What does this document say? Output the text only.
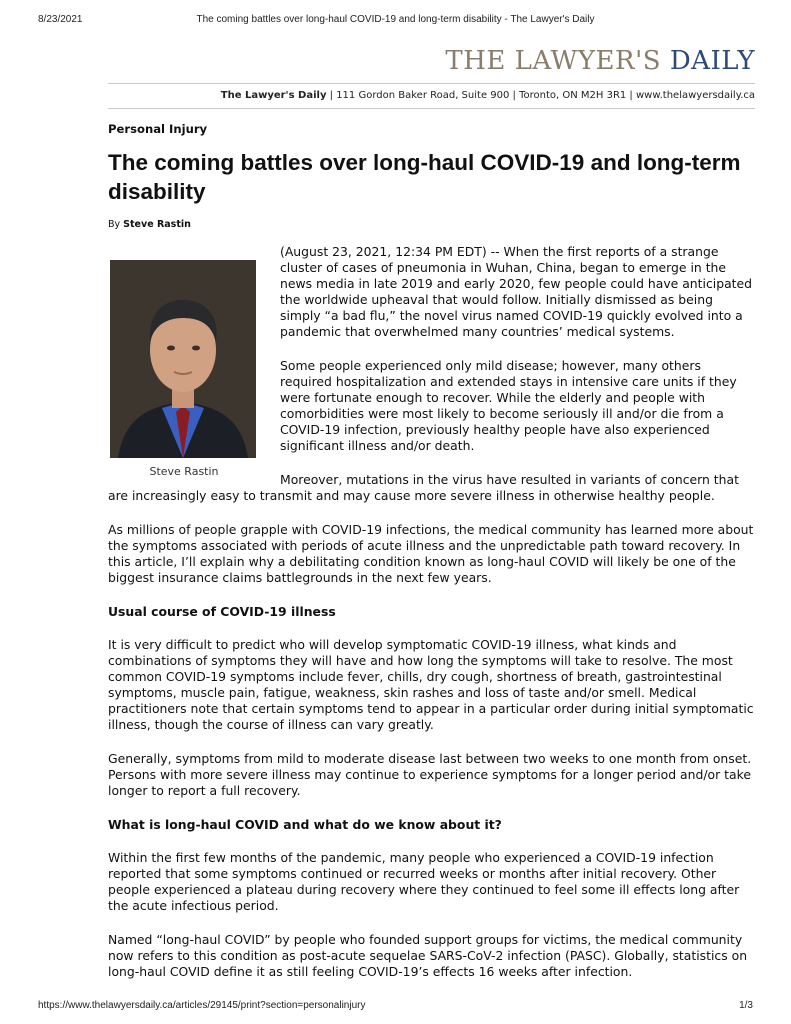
8/23/2021	The coming battles over long-haul COVID-19 and long-term disability - The Lawyer's Daily
THE LAWYER'S DAILY
The Lawyer's Daily | 111 Gordon Baker Road, Suite 900 | Toronto, ON M2H 3R1 | www.thelawyersdaily.ca
Personal Injury
The coming battles over long-haul COVID-19 and long-term disability
By Steve Rastin
Steve Rastin

(August 23, 2021, 12:34 PM EDT) -- When the first reports of a strange cluster of cases of pneumonia in Wuhan, China, began to emerge in the news media in late 2019 and early 2020, few people could have anticipated the worldwide upheaval that would follow. Initially dismissed as being simply “a bad flu,” the novel virus named COVID-19 quickly evolved into a pandemic that overwhelmed many countries’ medical systems.

Some people experienced only mild disease; however, many others required hospitalization and extended stays in intensive care units if they were fortunate enough to recover. While the elderly and people with comorbidities were most likely to become seriously ill and/or die from a COVID-19 infection, previously healthy people have also experienced significant illness and/or death.

Moreover, mutations in the virus have resulted in variants of concern that are increasingly easy to transmit and may cause more severe illness in otherwise healthy people.

As millions of people grapple with COVID-19 infections, the medical community has learned more about the symptoms associated with periods of acute illness and the unpredictable path toward recovery. In this article, I’ll explain why a debilitating condition known as long-haul COVID will likely be one of the biggest insurance claims battlegrounds in the next few years.

Usual course of COVID-19 illness

It is very difficult to predict who will develop symptomatic COVID-19 illness, what kinds and combinations of symptoms they will have and how long the symptoms will take to resolve. The most common COVID-19 symptoms include fever, chills, dry cough, shortness of breath, gastrointestinal symptoms, muscle pain, fatigue, weakness, skin rashes and loss of taste and/or smell. Medical practitioners note that certain symptoms tend to appear in a particular order during initial symptomatic illness, though the course of illness can vary greatly.

Generally, symptoms from mild to moderate disease last between two weeks to one month from onset. Persons with more severe illness may continue to experience symptoms for a longer period and/or take longer to report a full recovery.

What is long-haul COVID and what do we know about it?

Within the first few months of the pandemic, many people who experienced a COVID-19 infection reported that some symptoms continued or recurred weeks or months after initial recovery. Other people experienced a plateau during recovery where they continued to feel some ill effects long after the acute infectious period.

Named “long-haul COVID” by people who founded support groups for victims, the medical community now refers to this condition as post-acute sequelae SARS-CoV-2 infection (PASC). Globally, statistics on long-haul COVID define it as still feeling COVID-19’s effects 16 weeks after infection.

https://www.thelawyersdaily.ca/articles/29145/print?section=personalinjury	1/3
